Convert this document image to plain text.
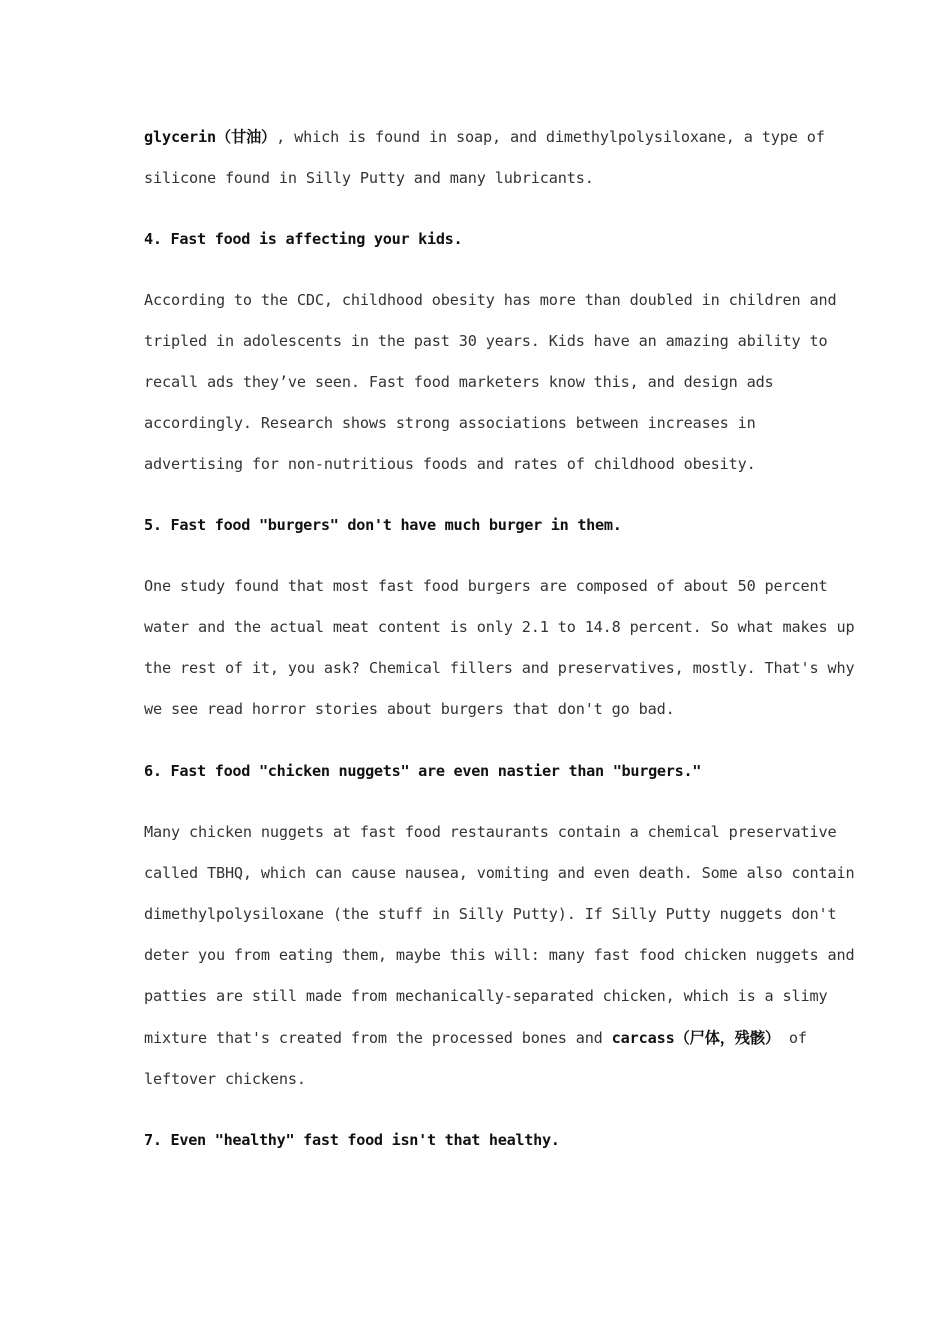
glycerin（甘油）, which is found in soap, and dimethylpolysiloxane, a type of
silicone found in Silly Putty and many lubricants.
4. Fast food is affecting your kids.
According to the CDC, childhood obesity has more than doubled in children and
tripled in adolescents in the past 30 years. Kids have an amazing ability to
recall ads they’ve seen. Fast food marketers know this, and design ads
accordingly. Research shows strong associations between increases in
advertising for non-nutritious foods and rates of childhood obesity.
5. Fast food "burgers" don't have much burger in them.
One study found that most fast food burgers are composed of about 50 percent
water and the actual meat content is only 2.1 to 14.8 percent. So what makes up
the rest of it, you ask? Chemical fillers and preservatives, mostly. That's why
we see read horror stories about burgers that don't go bad.
6. Fast food "chicken nuggets" are even nastier than "burgers."
Many chicken nuggets at fast food restaurants contain a chemical preservative
called TBHQ, which can cause nausea, vomiting and even death. Some also contain
dimethylpolysiloxane (the stuff in Silly Putty). If Silly Putty nuggets don't
deter you from eating them, maybe this will: many fast food chicken nuggets and
patties are still made from mechanically-separated chicken, which is a slimy
mixture that's created from the processed bones and carcass（尸体，残骸） of
leftover chickens.
7. Even "healthy" fast food isn't that healthy.
